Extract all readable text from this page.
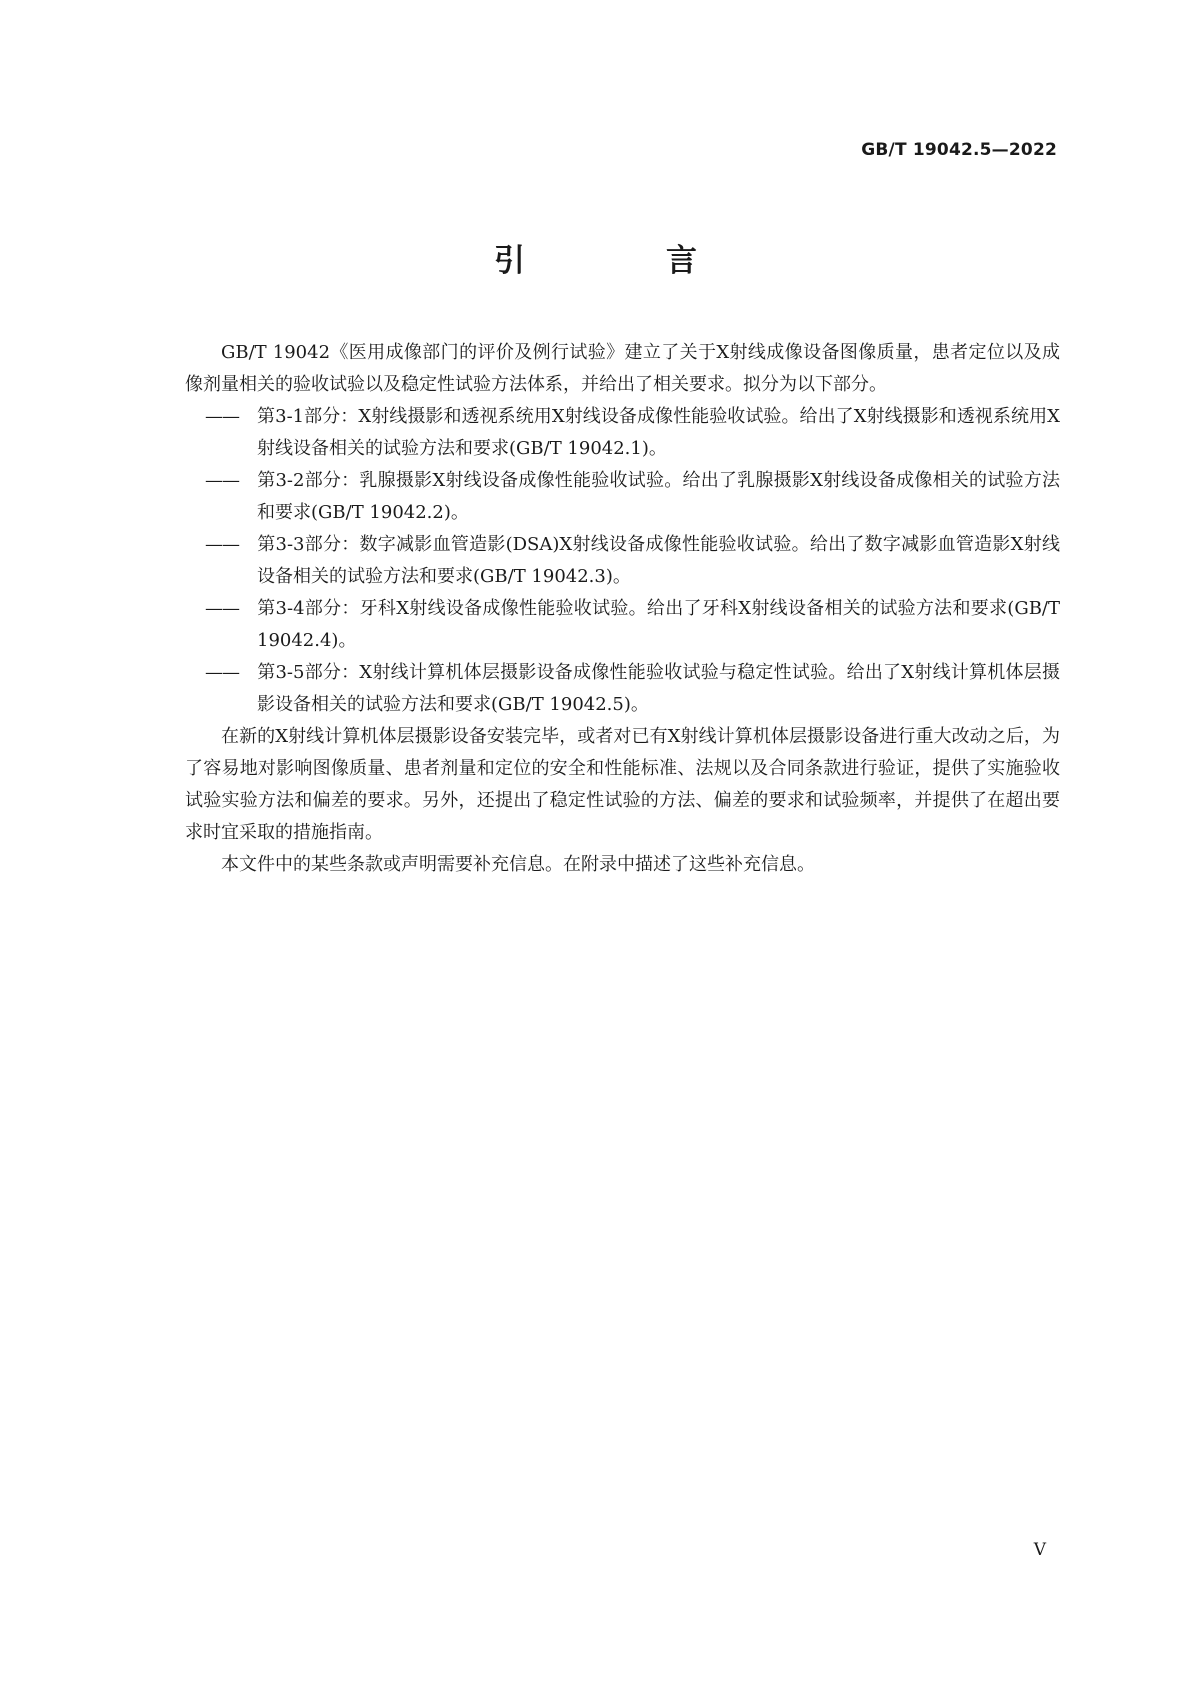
GB/T 19042.5—2022
引　言

GB/T 19042《医用成像部门的评价及例行试验》建立了关于X射线成像设备图像质量，患者定位以及成像剂量相关的验收试验以及稳定性试验方法体系，并给出了相关要求。拟分为以下部分。

—— 第3-1部分：X射线摄影和透视系统用X射线设备成像性能验收试验。给出了X射线摄影和透视系统用X射线设备相关的试验方法和要求(GB/T 19042.1)。

—— 第3-2部分：乳腺摄影X射线设备成像性能验收试验。给出了乳腺摄影X射线设备成像相关的试验方法和要求(GB/T 19042.2)。

—— 第3-3部分：数字减影血管造影(DSA)X射线设备成像性能验收试验。给出了数字减影血管造影X射线设备相关的试验方法和要求(GB/T 19042.3)。

—— 第3-4部分：牙科X射线设备成像性能验收试验。给出了牙科X射线设备相关的试验方法和要求(GB/T 19042.4)。

—— 第3-5部分：X射线计算机体层摄影设备成像性能验收试验与稳定性试验。给出了X射线计算机体层摄影设备相关的试验方法和要求(GB/T 19042.5)。

在新的X射线计算机体层摄影设备安装完毕，或者对已有X射线计算机体层摄影设备进行重大改动之后，为了容易地对影响图像质量、患者剂量和定位的安全和性能标准、法规以及合同条款进行验证，提供了实施验收试验实验方法和偏差的要求。另外，还提出了稳定性试验的方法、偏差的要求和试验频率，并提供了在超出要求时宜采取的措施指南。

本文件中的某些条款或声明需要补充信息。在附录中描述了这些补充信息。

V
